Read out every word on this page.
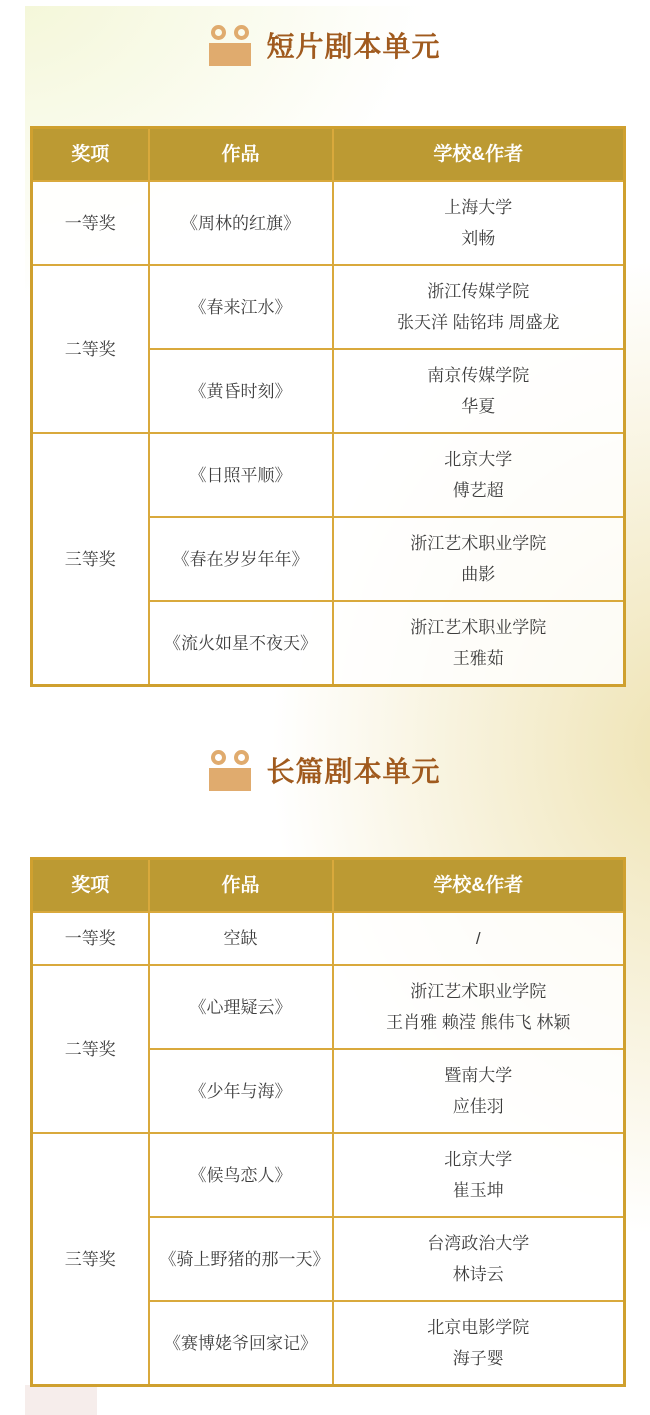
短片剧本单元
奖项	作品	学校&作者
一等奖	《周林的红旗》	上海大学
刘畅

二等奖	《春来江水》	浙江传媒学院
张天洋 陆铭玮 周盛龙

	《黄昏时刻》	南京传媒学院
华夏

三等奖	《日照平顺》	北京大学
傅艺超

	《春在岁岁年年》	浙江艺术职业学院
曲影

	《流火如星不夜天》	浙江艺术职业学院
王雅茹
长篇剧本单元
奖项	作品	学校&作者
一等奖	空缺	/

二等奖	《心理疑云》	浙江艺术职业学院
王肖雅 赖滢 熊伟飞 林颖

	《少年与海》	暨南大学
应佳羽

三等奖	《候鸟恋人》	北京大学
崔玉坤

	《骑上野猪的那一天》	台湾政治大学
林诗云

	《赛博姥爷回家记》	北京电影学院
海子婴
